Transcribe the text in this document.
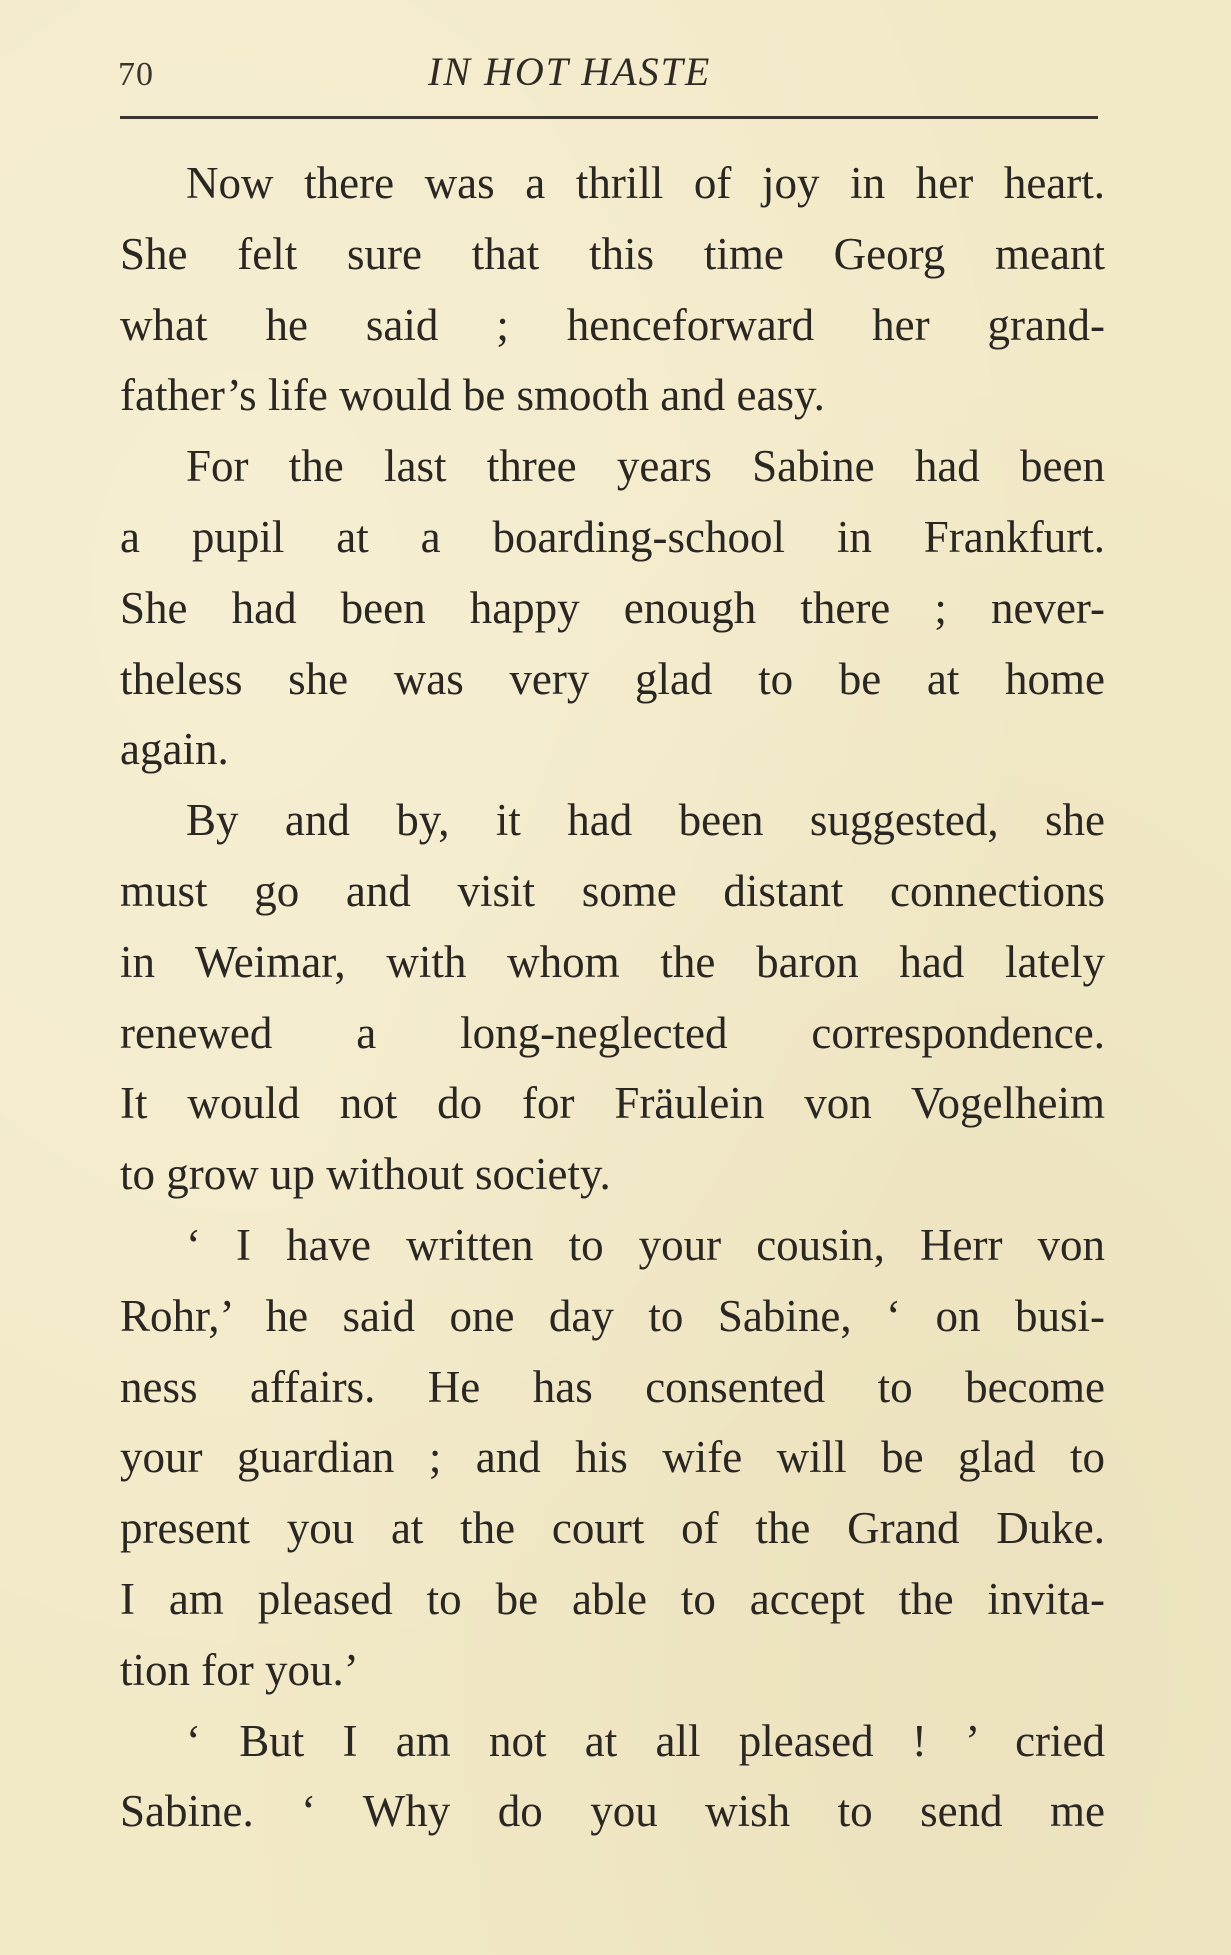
70	IN HOT HASTE
Now there was a thrill of joy in her heart.
She felt sure that this time Georg meant
what he said ; henceforward her grand-
father’s life would be smooth and easy.
For the last three years Sabine had been
a pupil at a boarding-school in Frankfurt.
She had been happy enough there ; never-
theless she was very glad to be at home
again.
By and by, it had been suggested, she
must go and visit some distant connections
in Weimar, with whom the baron had lately
renewed a long-neglected correspondence.
It would not do for Fräulein von Vogelheim
to grow up without society.
‘ I have written to your cousin, Herr von
Rohr,’ he said one day to Sabine, ‘ on busi-
ness affairs. He has consented to become
your guardian ; and his wife will be glad to
present you at the court of the Grand Duke.
I am pleased to be able to accept the invita-
tion for you.’
‘ But I am not at all pleased ! ’ cried
Sabine. ‘ Why do you wish to send me
